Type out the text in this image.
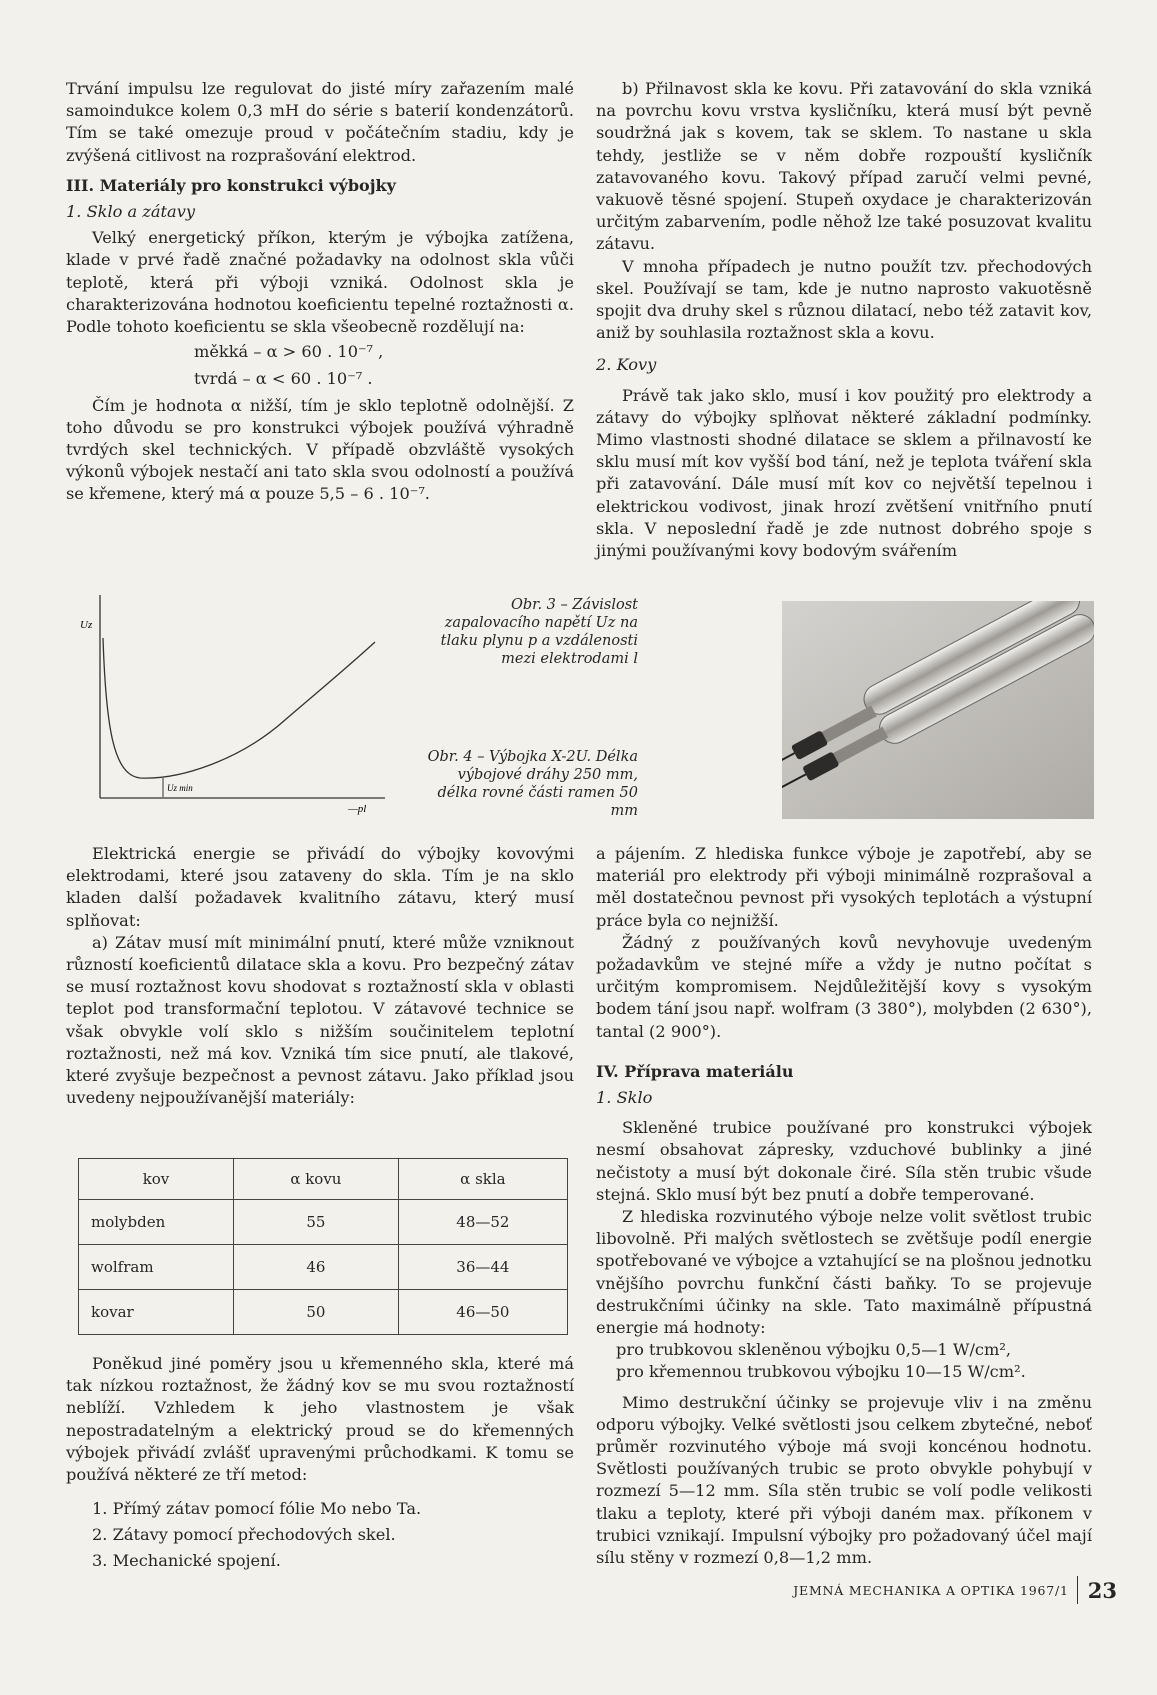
Trvání impulsu lze regulovat do jisté míry zařazením malé samoindukce kolem 0,3 mH do série s baterií kondenzátorů. Tím se také omezuje proud v počátečním stadiu, kdy je zvýšená citlivost na rozprašování elektrod.

III. Materiály pro konstrukci výbojky

1. Sklo a zátavy

Velký energetický příkon, kterým je výbojka zatížena, klade v prvé řadě značné požadavky na odolnost skla vůči teplotě, která při výboji vzniká. Odolnost skla je charakterizována hodnotou koeficientu tepelné roztažnosti α. Podle tohoto koeficientu se skla všeobecně rozdělují na:

měkká – α > 60 . 10⁻⁷ ,

tvrdá – α < 60 . 10⁻⁷ .

Čím je hodnota α nižší, tím je sklo teplotně odolnější. Z toho důvodu se pro konstrukci výbojek používá výhradně tvrdých skel technických. V případě obzvláště vysokých výkonů výbojek nestačí ani tato skla svou odolností a používá se křemene, který má α pouze 5,5 – 6 . 10⁻⁷.

b) Přilnavost skla ke kovu. Při zatavování do skla vzniká na povrchu kovu vrstva kysličníku, která musí být pevně soudržná jak s kovem, tak se sklem. To nastane u skla tehdy, jestliže se v něm dobře rozpouští kysličník zatavovaného kovu. Takový případ zaručí velmi pevné, vakuově těsné spojení. Stupeň oxydace je charakterizován určitým zabarvením, podle něhož lze také posuzovat kvalitu zátavu.

V mnoha případech je nutno použít tzv. přechodových skel. Používají se tam, kde je nutno naprosto vakuotěsně spojit dva druhy skel s různou dilatací, nebo též zatavit kov, aniž by souhlasila roztažnost skla a kovu.

2. Kovy

Právě tak jako sklo, musí i kov použitý pro elektrody a zátavy do výbojky splňovat některé základní podmínky. Mimo vlastnosti shodné dilatace se sklem a přilnavostí ke sklu musí mít kov vyšší bod tání, než je teplota tváření skla při zatavování. Dále musí mít kov co největší tepelnou i elektrickou vodivost, jinak hrozí zvětšení vnitřního pnutí skla. V neposlední řadě je zde nutnost dobrého spoje s jinými používanými kovy bodovým svářením

Uz
Uz min
—pl
Obr. 3 – Závislost zapalovacího napětí Uz na tlaku plynu p a vzdálenosti mezi elektrodami l
Obr. 4 – Výbojka X-2U. Délka výbojové dráhy 250 mm, délka rovné části ramen 50 mm

Elektrická energie se přivádí do výbojky kovovými elektrodami, které jsou zataveny do skla. Tím je na sklo kladen další požadavek kvalitního zátavu, který musí splňovat:

a) Zátav musí mít minimální pnutí, které může vzniknout růzností koeficientů dilatace skla a kovu. Pro bezpečný zátav se musí roztažnost kovu shodovat s roztažností skla v oblasti teplot pod transformační teplotou. V zátavové technice se však obvykle volí sklo s nižším součinitelem teplotní roztažnosti, než má kov. Vzniká tím sice pnutí, ale tlakové, které zvyšuje bezpečnost a pevnost zátavu. Jako příklad jsou uvedeny nejpoužívanější materiály:

kov	α kovu	α skla
molybden	55	48—52
wolfram	46	36—44
kovar	50	46—50

Poněkud jiné poměry jsou u křemenného skla, které má tak nízkou roztažnost, že žádný kov se mu svou roztažností neblíží. Vzhledem k jeho vlastnostem je však nepostradatelným a elektrický proud se do křemenných výbojek přivádí zvlášť upravenými průchodkami. K tomu se používá některé ze tří metod:

1. Přímý zátav pomocí fólie Mo nebo Ta.

2. Zátavy pomocí přechodových skel.

3. Mechanické spojení.

a pájením. Z hlediska funkce výboje je zapotřebí, aby se materiál pro elektrody při výboji minimálně rozprašoval a měl dostatečnou pevnost při vysokých teplotách a výstupní práce byla co nejnižší.

Žádný z používaných kovů nevyhovuje uvedeným požadavkům ve stejné míře a vždy je nutno počítat s určitým kompromisem. Nejdůležitější kovy s vysokým bodem tání jsou např. wolfram (3 380°), molybden (2 630°), tantal (2 900°).

IV. Příprava materiálu

1. Sklo

Skleněné trubice používané pro konstrukci výbojek nesmí obsahovat zápresky, vzduchové bublinky a jiné nečistoty a musí být dokonale čiré. Síla stěn trubic všude stejná. Sklo musí být bez pnutí a dobře temperované.

Z hlediska rozvinutého výboje nelze volit světlost trubic libovolně. Při malých světlostech se zvětšuje podíl energie spotřebované ve výbojce a vztahující se na plošnou jednotku vnějšího povrchu funkční části baňky. To se projevuje destrukčními účinky na skle. Tato maximálně přípustná energie má hodnoty:

pro trubkovou skleněnou výbojku 0,5—1 W/cm²,

pro křemennou trubkovou výbojku 10—15 W/cm².

Mimo destrukční účinky se projevuje vliv i na změnu odporu výbojky. Velké světlosti jsou celkem zbytečné, neboť průměr rozvinutého výboje má svoji koncénou hodnotu. Světlosti používaných trubic se proto obvykle pohybují v rozmezí 5—12 mm. Síla stěn trubic se volí podle velikosti tlaku a teploty, které při výboji daném max. příkonem v trubici vznikají. Impulsní výbojky pro požadovaný účel mají sílu stěny v rozmezí 0,8—1,2 mm.

JEMNÁ MECHANIKA A OPTIKA 1967/1 23
